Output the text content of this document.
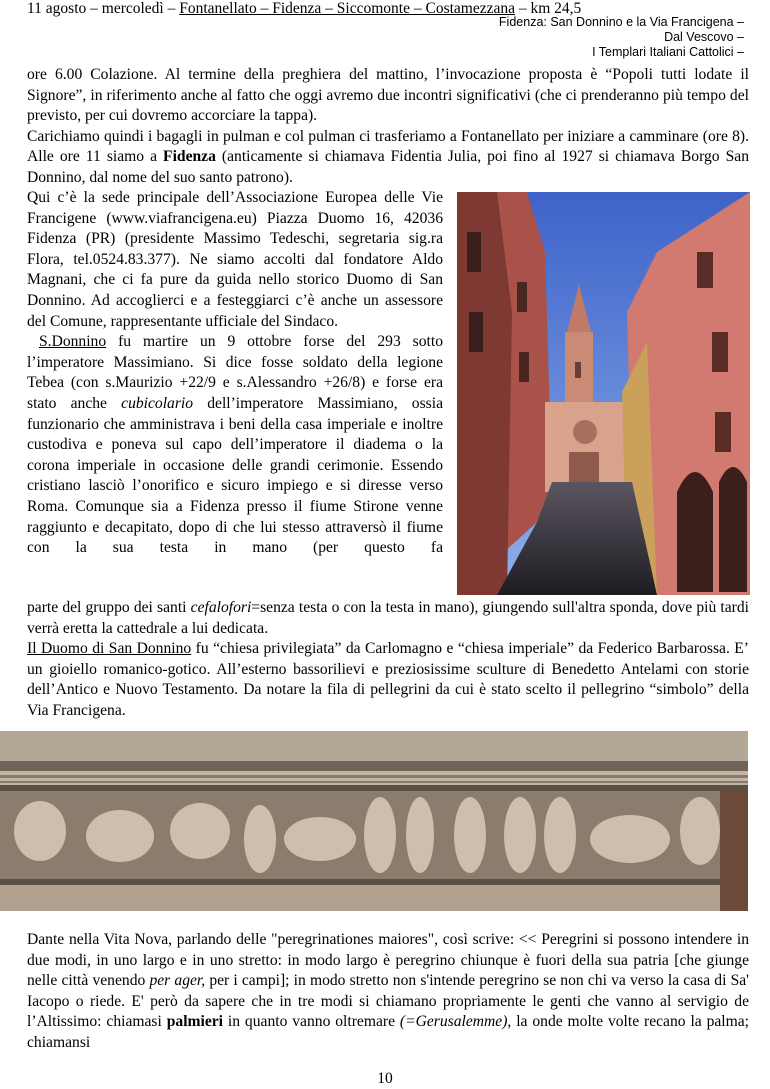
11 agosto – mercoledì – Fontanellato – Fidenza – Siccomonte – Costamezzana – km 24,5
Fidenza: San Donnino e la Via Francigena –
Dal Vescovo –
I Templari Italiani Cattolici –

ore 6.00 Colazione. Al termine della preghiera del mattino, l’invocazione proposta è “Popoli tutti lodate il Signore”, in riferimento anche al fatto che oggi avremo due incontri significativi (che ci prenderanno più tempo del previsto, per cui dovremo accorciare la tappa).

Carichiamo quindi i bagagli in pulman e col pulman ci trasferiamo a Fontanellato per iniziare a camminare (ore 8). Alle ore 11 siamo a Fidenza (anticamente si chiamava Fidentia Julia, poi fino al 1927 si chiamava Borgo San Donnino, dal nome del suo santo patrono).

Qui c’è la sede principale dell’Associazione Europea delle Vie Francigene (www.viafrancigena.eu) Piazza Duomo 16, 42036 Fidenza (PR) (presidente Massimo Tedeschi, segretaria sig.ra Flora, tel.0524.83.377). Ne siamo accolti dal fondatore Aldo Magnani, che ci fa pure da guida nello storico Duomo di San Donnino. Ad accoglierci e a festeggiarci c’è anche un assessore del Comune, rappresentante ufficiale del Sindaco.

S.Donnino fu martire un 9 ottobre forse del 293 sotto l’imperatore Massimiano. Si dice fosse soldato della legione Tebea (con s.Maurizio +22/9 e s.Alessandro +26/8) e forse era stato anche cubicolario dell’imperatore Massimiano, ossia funzionario che amministrava i beni della casa imperiale e inoltre custodiva e poneva sul capo dell’imperatore il diadema o la corona imperiale in occasione delle grandi cerimonie. Essendo cristiano lasciò l’onorifico e sicuro impiego e si diresse verso Roma. Comunque sia a Fidenza presso il fiume Stirone venne raggiunto e decapitato, dopo di che lui stesso attraversò il fiume con la sua testa in mano (per questo fa

parte del gruppo dei santi cefalofori=senza testa o con la testa in mano), giungendo sull'altra sponda, dove più tardi verrà eretta la cattedrale a lui dedicata.

Il Duomo di San Donnino fu “chiesa privilegiata” da Carlomagno e “chiesa imperiale” da Federico Barbarossa. E’ un gioiello romanico-gotico. All’esterno bassorilievi e preziosissime sculture di Benedetto Antelami con storie dell’Antico e Nuovo Testamento. Da notare la fila di pellegrini da cui è stato scelto il pellegrino “simbolo” della Via Francigena.

Dante nella Vita Nova, parlando delle "peregrinationes maiores", così scrive: << Peregrini si possono intendere in due modi, in uno largo e in uno stretto: in modo largo è peregrino chiunque è fuori della sua patria [che giunge nelle città venendo per ager, per i campi]; in modo stretto non s'intende peregrino se non chi va verso la casa di Sa' Iacopo o riede. E' però da sapere che in tre modi si chiamano propriamente le genti che vanno al servigio de l’Altissimo: chiamasi palmieri in quanto vanno oltremare (=Gerusalemme), la onde molte volte recano la palma; chiamansi

10
